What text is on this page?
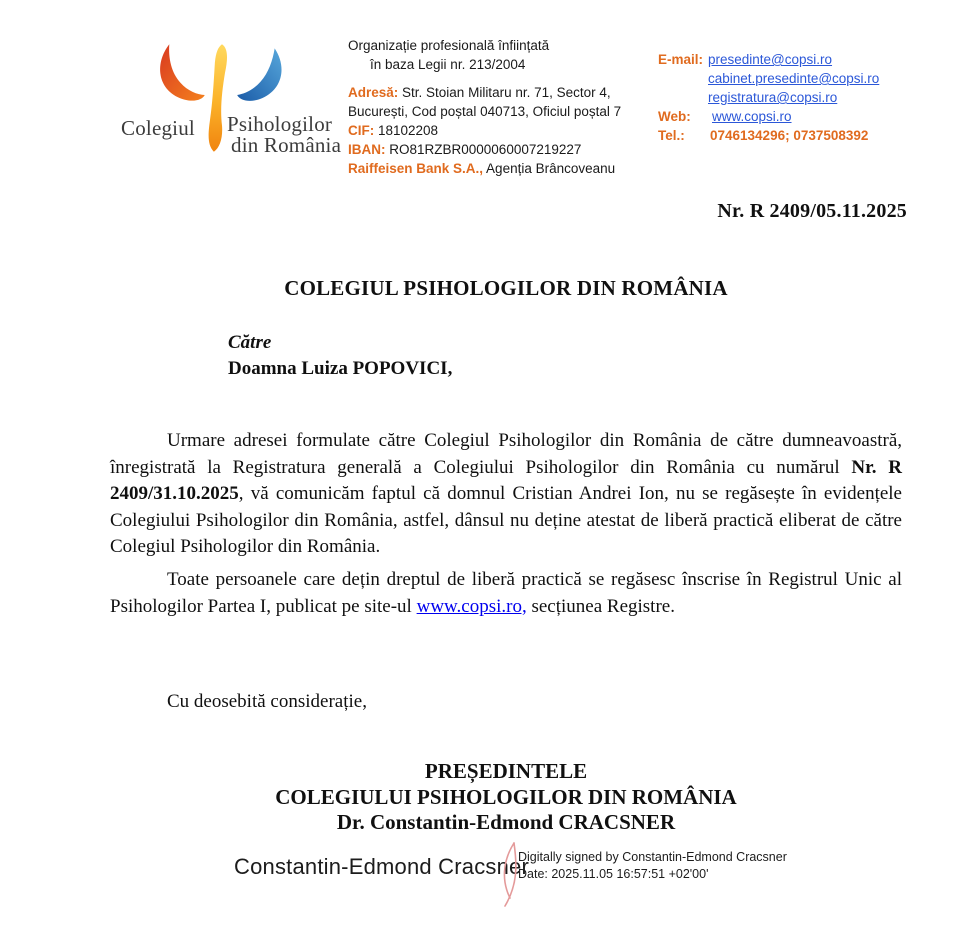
Colegiul Psihologilor
din România
Organizație profesională înființată
în baza Legii nr. 213/2004
Adresă: Str. Stoian Militaru nr. 71, Sector 4, București, Cod poștal 040713, Oficiul poștal 7
CIF: 18102208
IBAN: RO81RZBR0000060007219227
Raiffeisen Bank S.A., Agenția Brâncoveanu
E-mail: presedinte@copsi.ro
cabinet.presedinte@copsi.ro
registratura@copsi.ro
Web:	www.copsi.ro
Tel.:	0746134296; 0737508392
Nr. R 2409/05.11.2025
COLEGIUL PSIHOLOGILOR DIN ROMÂNIA
Către
Doamna Luiza POPOVICI,

Urmare adresei formulate către Colegiul Psihologilor din România de către dumneavoastră, înregistrată la Registratura generală a Colegiului Psihologilor din România cu numărul Nr. R 2409/31.10.2025, vă comunicăm faptul că domnul Cristian Andrei Ion, nu se regăsește în evidențele Colegiului Psihologilor din România, astfel, dânsul nu deține atestat de liberă practică eliberat de către Colegiul Psihologilor din România.

Toate persoanele care dețin dreptul de liberă practică se regăsesc înscrise în Registrul Unic al Psihologilor Partea I, publicat pe site-ul www.copsi.ro, secțiunea Registre.

Cu deosebită considerație,
PREȘEDINTELE
COLEGIULUI PSIHOLOGILOR DIN ROMÂNIA
Dr. Constantin-Edmond CRACSNER
Constantin-Edmond Cracsner
Digitally signed by Constantin-Edmond Cracsner
Date: 2025.11.05 16:57:51 +02'00'
